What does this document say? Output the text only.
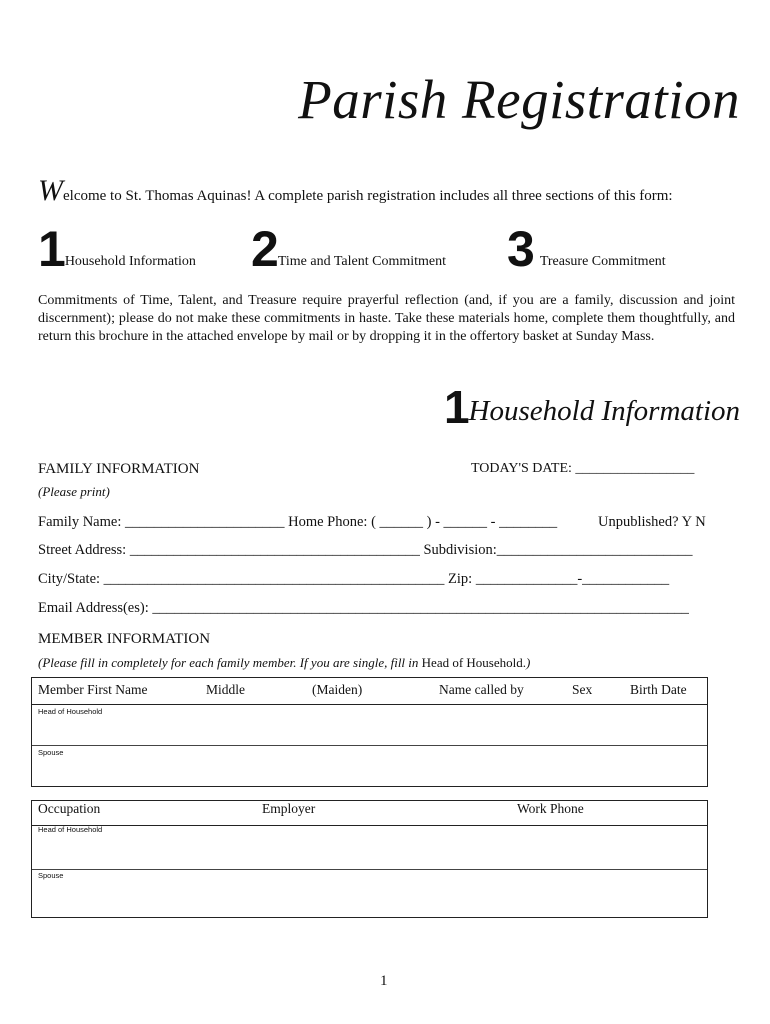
Parish Registration
Welcome to St. Thomas Aquinas! A complete parish registration includes all three sections of this form:
1 Household Information 2 Time and Talent Commitment 3 Treasure Commitment
Commitments of Time, Talent, and Treasure require prayerful reflection (and, if you are a family, discussion and joint discernment); please do not make these commitments in haste. Take these materials home, complete them thoughtfully, and return this brochure in the attached envelope by mail or by dropping it in the offertory basket at Sunday Mass.
1 Household Information
FAMILY INFORMATION
(Please print)
TODAY'S DATE: _________________
Family Name: ______________________ Home Phone: ( ______ ) - ______ - ________	Unpublished? Y N
Street Address: ________________________________________ Subdivision:___________________________
City/State: _______________________________________________ Zip: ______________-____________
Email Address(es): __________________________________________________________________________
MEMBER INFORMATION
(Please fill in completely for each family member. If you are single, fill in Head of Household.)
Member First Name	Middle	(Maiden)	Name called by	Sex	Birth Date
Head of Household
Spouse
Occupation	Employer	Work Phone
Head of Household
Spouse
1
